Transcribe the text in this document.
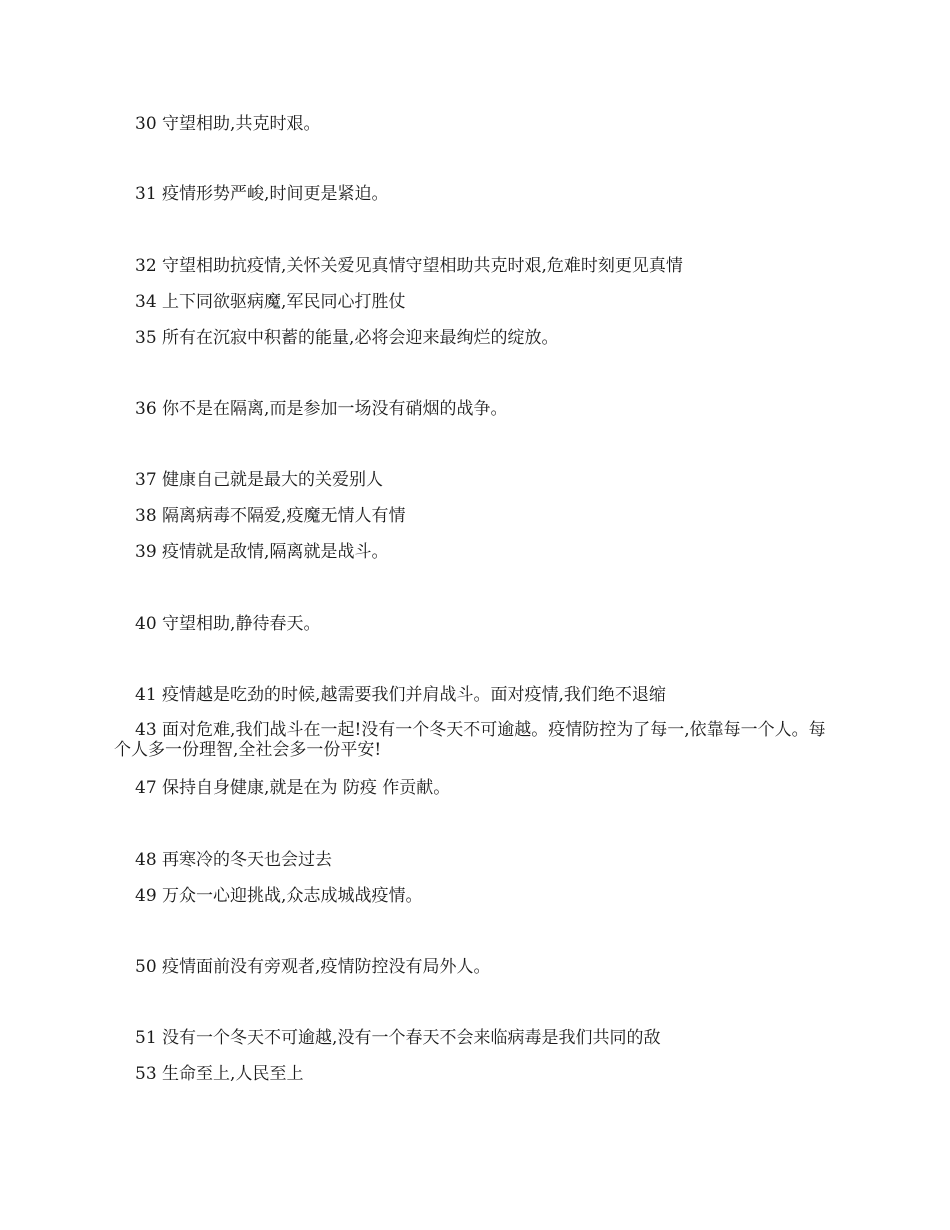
30 守望相助,共克时艰。
31 疫情形势严峻,时间更是紧迫。
32 守望相助抗疫情,关怀关爱见真情守望相助共克时艰,危难时刻更见真情
34 上下同欲驱病魔,军民同心打胜仗
35 所有在沉寂中积蓄的能量,必将会迎来最绚烂的绽放。
36 你不是在隔离,而是参加一场没有硝烟的战争。
37 健康自己就是最大的关爱别人
38 隔离病毒不隔爱,疫魔无情人有情
39 疫情就是敌情,隔离就是战斗。
40 守望相助,静待春天。
41 疫情越是吃劲的时候,越需要我们并肩战斗。面对疫情,我们绝不退缩
43 面对危难,我们战斗在一起!没有一个冬天不可逾越。疫情防控为了每一,依靠每一个人。每个人多一份理智,全社会多一份平安!
47 保持自身健康,就是在为 防疫 作贡献。
48 再寒冷的冬天也会过去
49 万众一心迎挑战,众志成城战疫情。
50 疫情面前没有旁观者,疫情防控没有局外人。
51 没有一个冬天不可逾越,没有一个春天不会来临病毒是我们共同的敌
53 生命至上,人民至上
